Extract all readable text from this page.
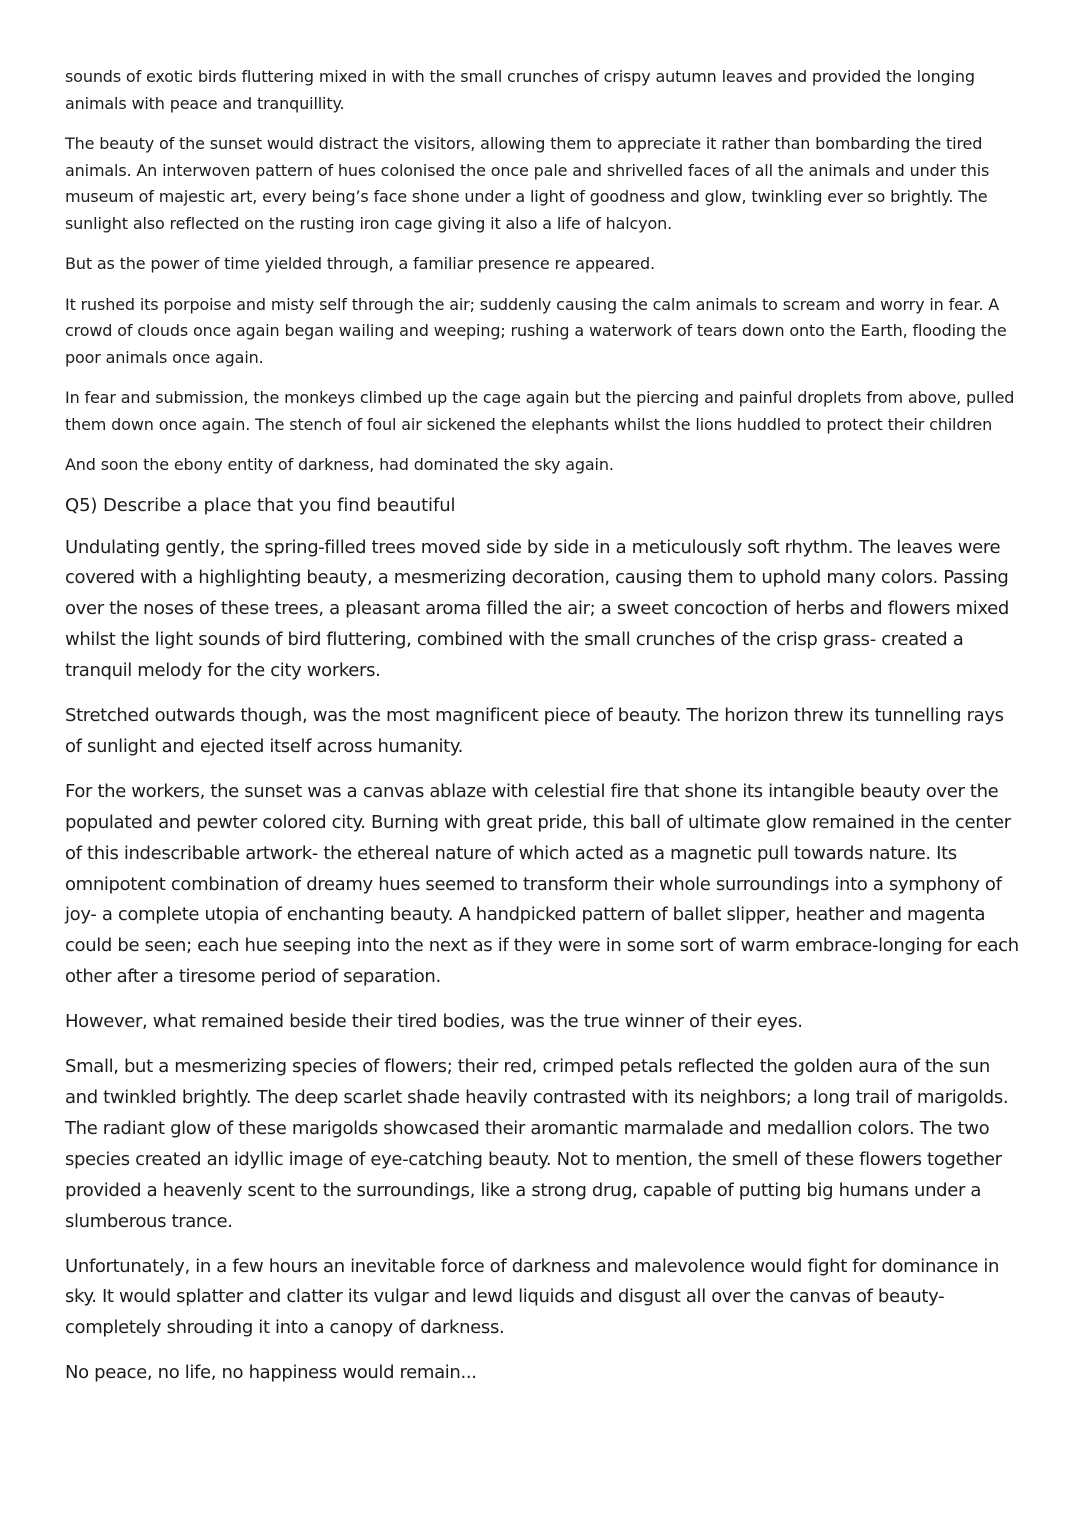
sounds of exotic birds fluttering mixed in with the small crunches of crispy autumn leaves and provided the longing animals with peace and tranquillity.

The beauty of the sunset would distract the visitors, allowing them to appreciate it rather than bombarding the tired animals. An interwoven pattern of hues colonised the once pale and shrivelled faces of all the animals and under this museum of majestic art, every being’s face shone under a light of goodness and glow, twinkling ever so brightly. The sunlight also reflected on the rusting iron cage giving it also a life of halcyon.

But as the power of time yielded through, a familiar presence re appeared.

It rushed its porpoise and misty self through the air; suddenly causing the calm animals to scream and worry in fear. A crowd of clouds once again began wailing and weeping; rushing a waterwork of tears down onto the Earth, flooding the poor animals once again.

In fear and submission, the monkeys climbed up the cage again but the piercing and painful droplets from above, pulled them down once again. The stench of foul air sickened the elephants whilst the lions huddled to protect their children

And soon the ebony entity of darkness, had dominated the sky again.

Q5) Describe a place that you find beautiful

Undulating gently, the spring-filled trees moved side by side in a meticulously soft rhythm. The leaves were covered with a highlighting beauty, a mesmerizing decoration, causing them to uphold many colors. Passing over the noses of these trees, a pleasant aroma filled the air; a sweet concoction of herbs and flowers mixed whilst the light sounds of bird fluttering, combined with the small crunches of the crisp grass- created a tranquil melody for the city workers.

Stretched outwards though, was the most magnificent piece of beauty. The horizon threw its tunnelling rays of sunlight and ejected itself across humanity.

For the workers, the sunset was a canvas ablaze with celestial fire that shone its intangible beauty over the populated and pewter colored city. Burning with great pride, this ball of ultimate glow remained in the center of this indescribable artwork- the ethereal nature of which acted as a magnetic pull towards nature. Its omnipotent combination of dreamy hues seemed to transform their whole surroundings into a symphony of joy- a complete utopia of enchanting beauty. A handpicked pattern of ballet slipper, heather and magenta could be seen; each hue seeping into the next as if they were in some sort of warm embrace-longing for each other after a tiresome period of separation.

However, what remained beside their tired bodies, was the true winner of their eyes.

Small, but a mesmerizing species of flowers; their red, crimped petals reflected the golden aura of the sun and twinkled brightly. The deep scarlet shade heavily contrasted with its neighbors; a long trail of marigolds. The radiant glow of these marigolds showcased their aromantic marmalade and medallion colors. The two species created an idyllic image of eye-catching beauty. Not to mention, the smell of these flowers together provided a heavenly scent to the surroundings, like a strong drug, capable of putting big humans under a slumberous trance.

Unfortunately, in a few hours an inevitable force of darkness and malevolence would fight for dominance in sky. It would splatter and clatter its vulgar and lewd liquids and disgust all over the canvas of beauty- completely shrouding it into a canopy of darkness.

No peace, no life, no happiness would remain...
